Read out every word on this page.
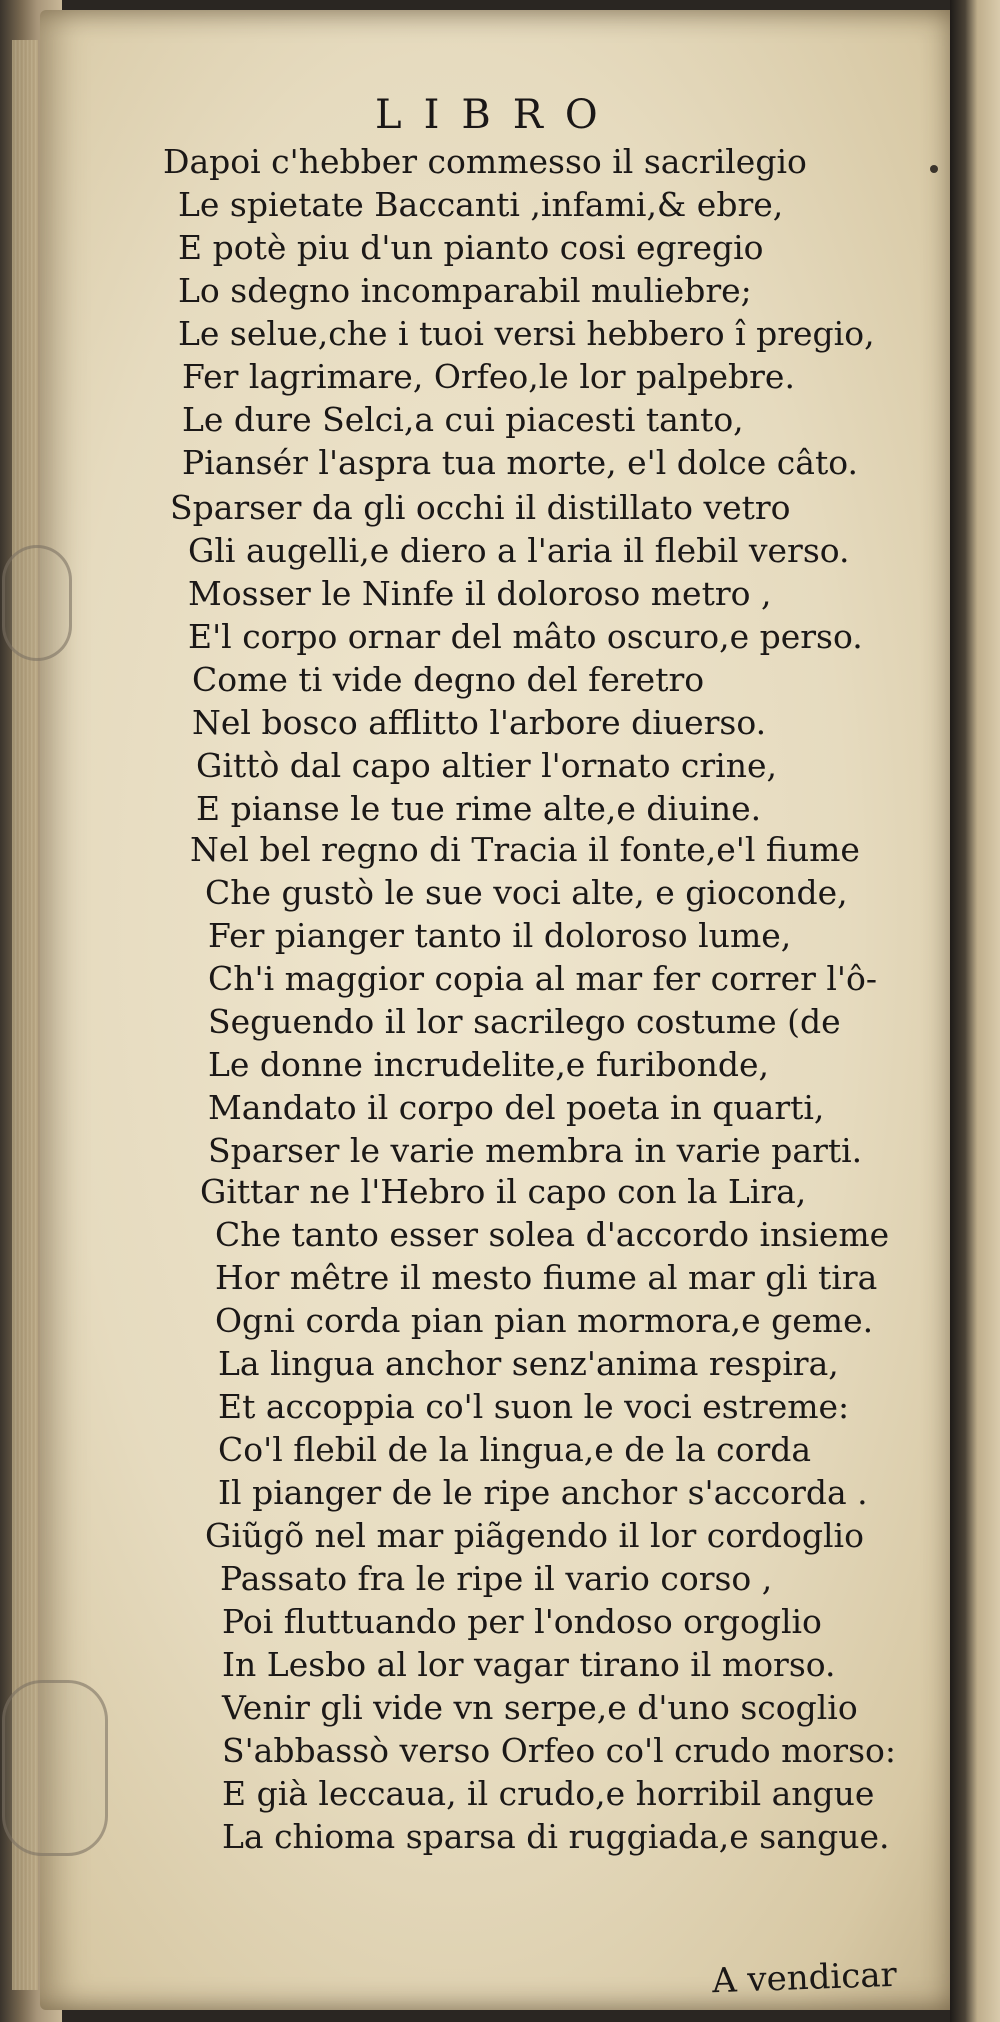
LIBRO
Dapoi c'hebber commesso il sacrilegio
Le spietate Baccanti ,infami,& ebre,
E potè piu d'un pianto cosi egregio
Lo sdegno incomparabil muliebre;
Le selue,che i tuoi versi hebbero î pregio,
Fer lagrimare, Orfeo,le lor palpebre.
Le dure Selci,a cui piacesti tanto,
Piansér l'aspra tua morte, e'l dolce câto.
Sparser da gli occhi il distillato vetro
Gli augelli,e diero a l'aria il flebil verso.
Mosser le Ninfe il doloroso metro ,
E'l corpo ornar del mâto oscuro,e perso.
Come ti vide degno del feretro
Nel bosco afflitto l'arbore diuerso.
Gittò dal capo altier l'ornato crine,
E pianse le tue rime alte,e diuine.
Nel bel regno di Tracia il fonte,e'l fiume
Che gustò le sue voci alte, e gioconde,
Fer pianger tanto il doloroso lume,
Ch'i maggior copia al mar fer correr l'ô-
Seguendo il lor sacrilego costume (de
Le donne incrudelite,e furibonde,
Mandato il corpo del poeta in quarti,
Sparser le varie membra in varie parti.
Gittar ne l'Hebro il capo con la Lira,
Che tanto esser solea d'accordo insieme
Hor mêtre il mesto fiume al mar gli tira
Ogni corda pian pian mormora,e geme.
La lingua anchor senz'anima respira,
Et accoppia co'l suon le voci estreme:
Co'l flebil de la lingua,e de la corda
Il pianger de le ripe anchor s'accorda .
Giũgõ nel mar piãgendo il lor cordoglio
Passato fra le ripe il vario corso ,
Poi fluttuando per l'ondoso orgoglio
In Lesbo al lor vagar tirano il morso.
Venir gli vide vn serpe,e d'uno scoglio
S'abbassò verso Orfeo co'l crudo morso:
E già leccaua, il crudo,e horribil angue
La chioma sparsa di ruggiada,e sangue.
A vendicar
